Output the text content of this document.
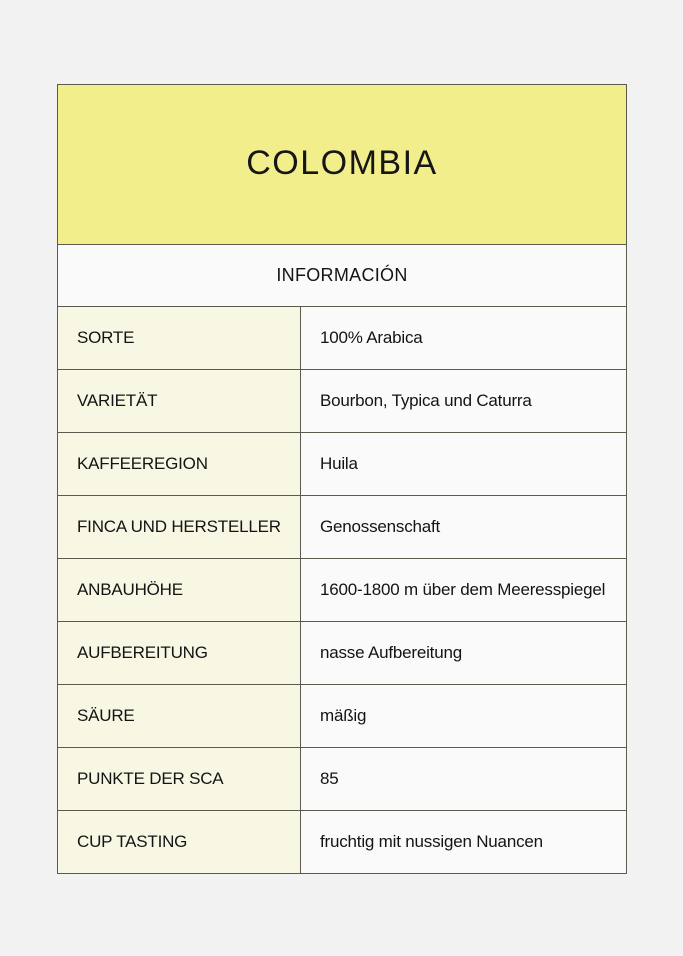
COLOMBIA
INFORMACIÓN
SORTE	100% Arabica
VARIETÄT	Bourbon, Typica und Caturra
KAFFEEREGION	Huila
FINCA UND HERSTELLER	Genossenschaft
ANBAUHÖHE	1600-1800 m über dem Meeresspiegel
AUFBEREITUNG	nasse Aufbereitung
SÄURE	mäßig
PUNKTE DER SCA	85
CUP TASTING	fruchtig mit nussigen Nuancen
